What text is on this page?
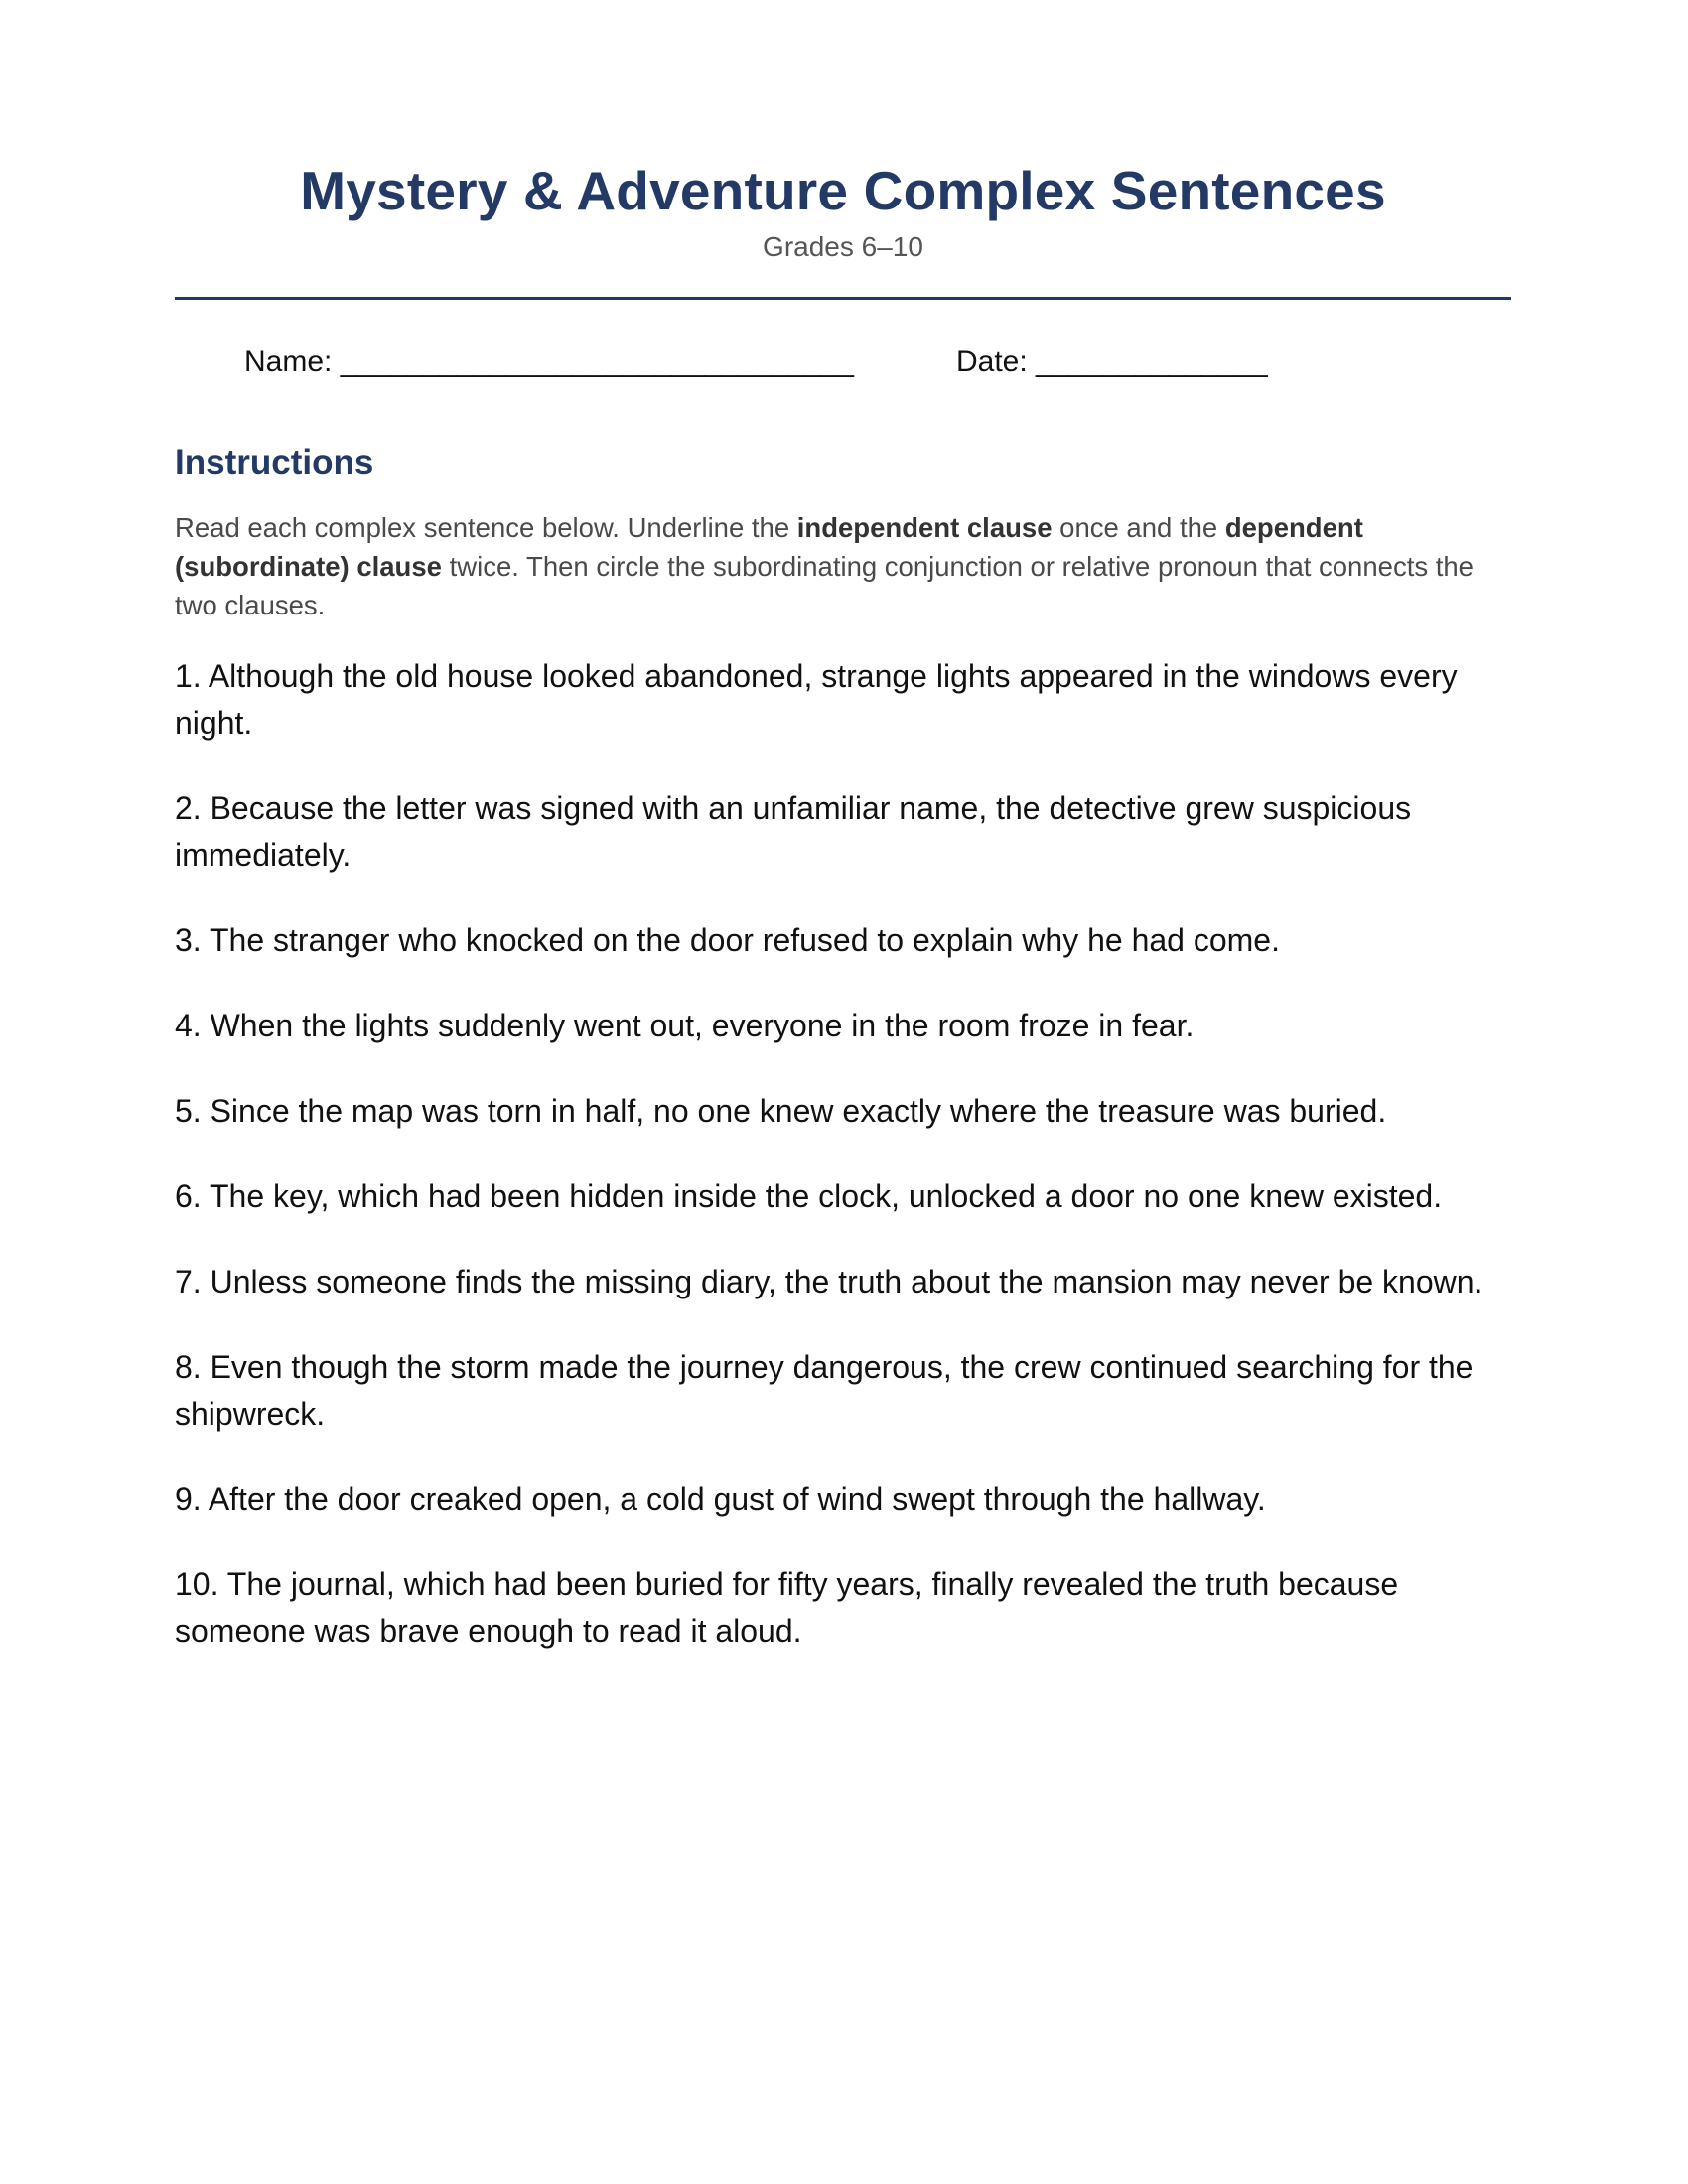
Mystery & Adventure Complex Sentences
Grades 6–10
Name: _______________________________	Date: ______________
Instructions

Read each complex sentence below. Underline the independent clause once and the dependent (subordinate) clause twice. Then circle the subordinating conjunction or relative pronoun that connects the two clauses.

1. Although the old house looked abandoned, strange lights appeared in the windows every night.
2. Because the letter was signed with an unfamiliar name, the detective grew suspicious immediately.
3. The stranger who knocked on the door refused to explain why he had come.
4. When the lights suddenly went out, everyone in the room froze in fear.
5. Since the map was torn in half, no one knew exactly where the treasure was buried.
6. The key, which had been hidden inside the clock, unlocked a door no one knew existed.
7. Unless someone finds the missing diary, the truth about the mansion may never be known.
8. Even though the storm made the journey dangerous, the crew continued searching for the shipwreck.
9. After the door creaked open, a cold gust of wind swept through the hallway.
10. The journal, which had been buried for fifty years, finally revealed the truth because someone was brave enough to read it aloud.
